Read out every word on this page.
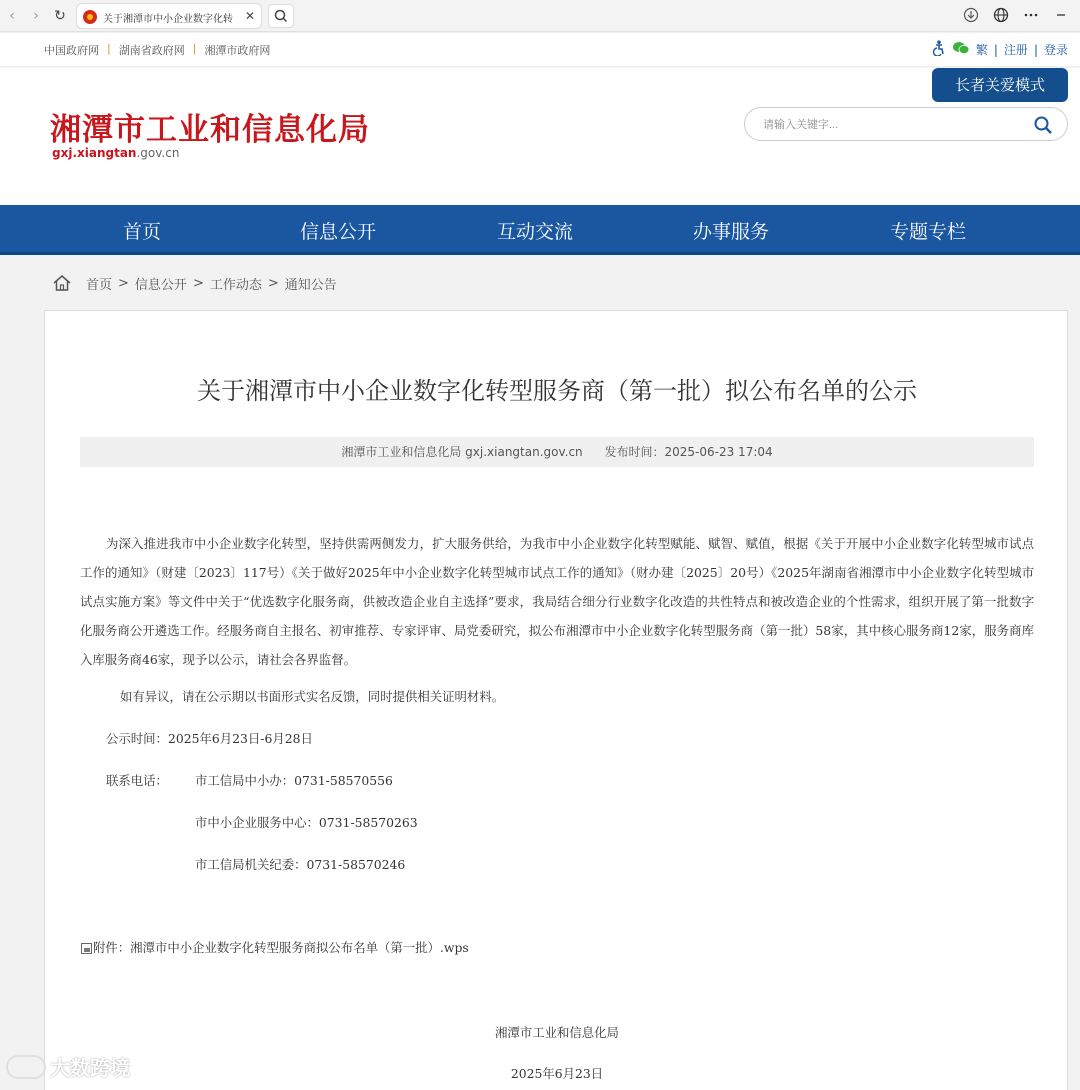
‹	›	↻	关于湘潭市中小企业数字化转 ✕
中国政府网 | 湖南省政府网 | 湘潭市政府网	繁 | 注册 | 登录
湘潭市工业和信息化局
gxj.xiangtan.gov.cn
长者关爱模式
请输入关键字...
首页	信息公开	互动交流	办事服务	专题专栏
首页 > 信息公开 > 工作动态 > 通知公告
关于湘潭市中小企业数字化转型服务商（第一批）拟公布名单的公示
湘潭市工业和信息化局 gxj.xiangtan.gov.cn 发布时间：2025-06-23 17:04

为深入推进我市中小企业数字化转型，坚持供需两侧发力，扩大服务供给，为我市中小企业数字化转型赋能、赋智、赋值，根据《关于开展中小企业数字化转型城市试点工作的通知》（财建〔2023〕117号）《关于做好2025年中小企业数字化转型城市试点工作的通知》（财办建〔2025〕20号）《2025年湖南省湘潭市中小企业数字化转型城市试点实施方案》等文件中关于“优选数字化服务商，供被改造企业自主选择”要求，我局结合细分行业数字化改造的共性特点和被改造企业的个性需求，组织开展了第一批数字化服务商公开遴选工作。经服务商自主报名、初审推荐、专家评审、局党委研究，拟公布湘潭市中小企业数字化转型服务商（第一批）58家，其中核心服务商12家，服务商库入库服务商46家，现予以公示，请社会各界监督。

如有异议，请在公示期以书面形式实名反馈，同时提供相关证明材料。
公示时间：2025年6月23日-6月28日
联系电话： 市工信局中小办：0731-58570556
市中小企业服务中心：0731-58570263
市工信局机关纪委：0731-58570246
附件：湘潭市中小企业数字化转型服务商拟公布名单（第一批）.wps
湘潭市工业和信息化局
2025年6月23日
大数跨境
